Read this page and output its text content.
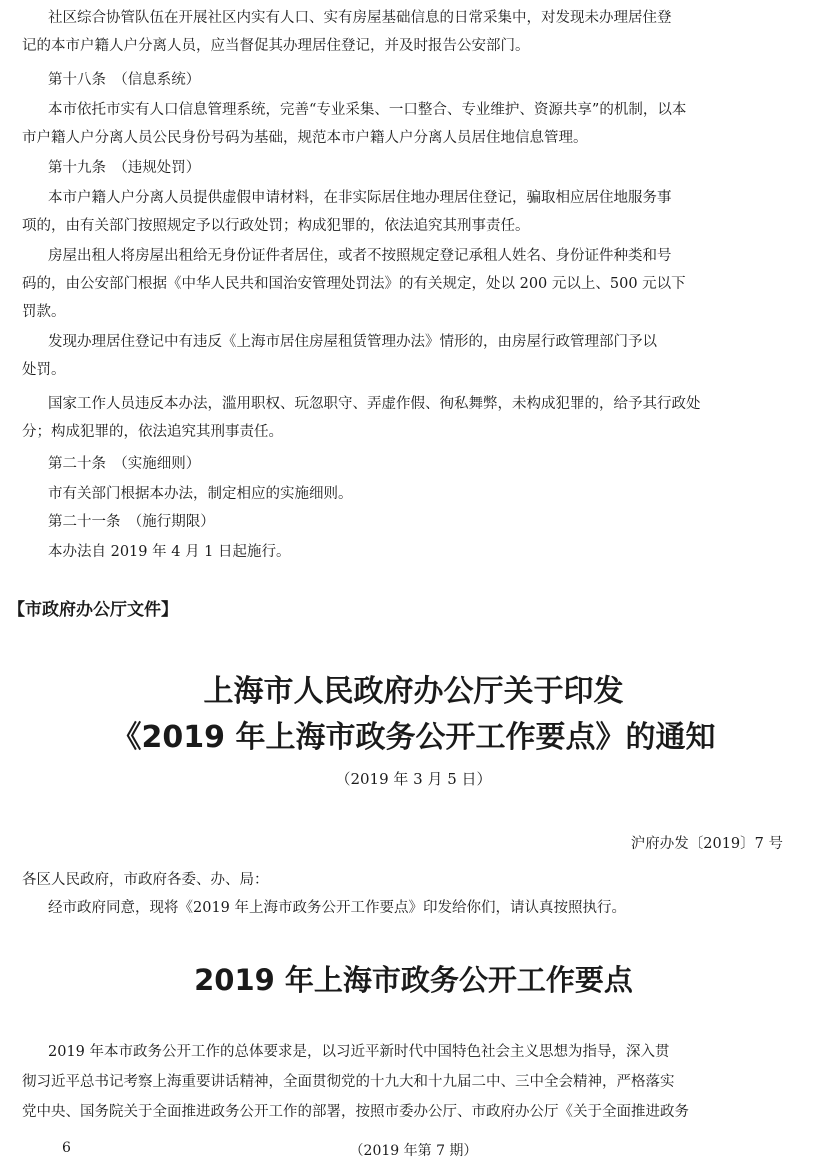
社区综合协管队伍在开展社区内实有人口、实有房屋基础信息的日常采集中，对发现未办理居住登
记的本市户籍人户分离人员，应当督促其办理居住登记，并及时报告公安部门。
第十八条　（信息系统）
本市依托市实有人口信息管理系统，完善“专业采集、一口整合、专业维护、资源共享”的机制，以本
市户籍人户分离人员公民身份号码为基础，规范本市户籍人户分离人员居住地信息管理。
第十九条　（违规处罚）
本市户籍人户分离人员提供虚假申请材料，在非实际居住地办理居住登记，骗取相应居住地服务事
项的，由有关部门按照规定予以行政处罚；构成犯罪的，依法追究其刑事责任。
房屋出租人将房屋出租给无身份证件者居住，或者不按照规定登记承租人姓名、身份证件种类和号
码的，由公安部门根据《中华人民共和国治安管理处罚法》的有关规定，处以 200 元以上、500 元以下
罚款。
发现办理居住登记中有违反《上海市居住房屋租赁管理办法》情形的，由房屋行政管理部门予以
处罚。
国家工作人员违反本办法，滥用职权、玩忽职守、弄虚作假、徇私舞弊，未构成犯罪的，给予其行政处
分；构成犯罪的，依法追究其刑事责任。
第二十条　（实施细则）
市有关部门根据本办法，制定相应的实施细则。
第二十一条　（施行期限）
本办法自 2019 年 4 月 1 日起施行。
【市政府办公厅文件】
上海市人民政府办公厅关于印发
《2019 年上海市政务公开工作要点》的通知
（2019 年 3 月 5 日）
沪府办发〔2019〕7 号
各区人民政府，市政府各委、办、局：
经市政府同意，现将《2019 年上海市政务公开工作要点》印发给你们，请认真按照执行。
2019 年上海市政务公开工作要点
2019 年本市政务公开工作的总体要求是，以习近平新时代中国特色社会主义思想为指导，深入贯
彻习近平总书记考察上海重要讲话精神，全面贯彻党的十九大和十九届二中、三中全会精神，严格落实
党中央、国务院关于全面推进政务公开工作的部署，按照市委办公厅、市政府办公厅《关于全面推进政务
6	（2019 年第 7 期）
